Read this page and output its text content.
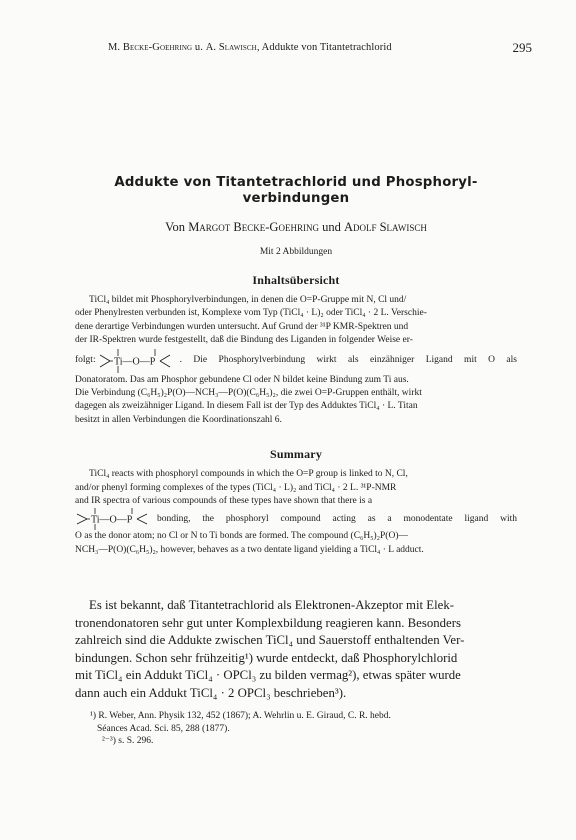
M. Becke-Goehring u. A. Slawisch, Addukte von Titantetrachlorid	295
Addukte von Titantetrachlorid und Phosphoryl-
verbindungen
Von Margot Becke-Goehring und Adolf Slawisch
Mit 2 Abbildungen
Inhaltsübersicht

TiCl₄ bildet mit Phosphorylverbindungen, in denen die O=P-Gruppe mit N, Cl und/

oder Phenylresten verbunden ist, Komplexe vom Typ (TiCl₄ · L)₂ oder TiCl₄ · 2 L. Verschie-

dene derartige Verbindungen wurden untersucht. Auf Grund der ³¹P KMR-Spektren und

der IR-Spektren wurde festgestellt, daß die Bindung des Liganden in folgender Weise er-

folgt: Ti—O—P	. Die Phosphorylverbindung wirkt als einzähniger Ligand mit O als

Donatoratom. Das am Phosphor gebundene Cl oder N bildet keine Bindung zum Ti aus.

Die Verbindung (C₆H₅)₂P(O)—NCH₃—P(O)(C₆H₅)₂, die zwei O=P-Gruppen enthält, wirkt

dagegen als zweizähniger Ligand. In diesem Fall ist der Typ des Adduktes TiCl₄ · L. Titan

besitzt in allen Verbindungen die Koordinationszahl 6.

Summary

TiCl₄ reacts with phosphoryl compounds in which the O=P group is linked to N, Cl,

and/or phenyl forming complexes of the types (TiCl₄ · L)₂ and TiCl₄ · 2 L. ³¹P-NMR

and IR spectra of various compounds of these types have shown that there is a

Ti—O—P	bonding, the phosphoryl compound acting as a monodentate ligand with

O as the donor atom; no Cl or N to Ti bonds are formed. The compound (C₆H₅)₂P(O)—

NCH₃—P(O)(C₆H₅)₂, however, behaves as a two dentate ligand yielding a TiCl₄ · L adduct.

Es ist bekannt, daß Titantetrachlorid als Elektronen-Akzeptor mit Elek-

tronendonatoren sehr gut unter Komplexbildung reagieren kann. Besonders

zahlreich sind die Addukte zwischen TiCl₄ und Sauerstoff enthaltenden Ver-

bindungen. Schon sehr frühzeitig¹) wurde entdeckt, daß Phosphorylchlorid

mit TiCl₄ ein Addukt TiCl₄ · OPCl₃ zu bilden vermag²), etwas später wurde

dann auch ein Addukt TiCl₄ · 2 OPCl₃ beschrieben³).

¹) R. Weber, Ann. Physik 132, 452 (1867); A. Wehrlin u. E. Giraud, C. R. hebd.

Séances Acad. Sci. 85, 288 (1877).

²⁻³) s. S. 296.
